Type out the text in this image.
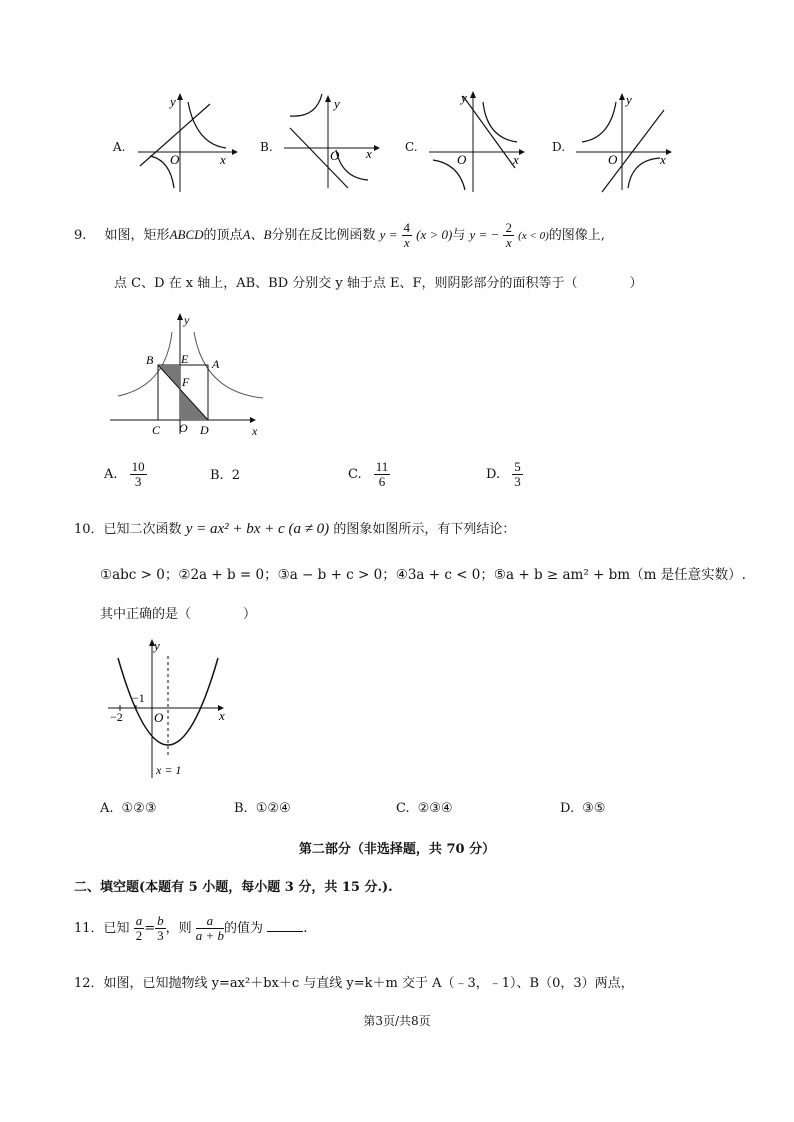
A.
y
O	x
B.
y
O x	C.
y
O	x
D.
y
O	x
9. 如图，矩形ABCD的顶点A、B分别在反比例函数 $y = \frac{4}{x} (x > 0)$与 y = − $\frac{2}{x} (x < 0)$的图像上,
点 C、D 在 x 轴上，AB、BD 分别交 y 轴于点 E、F，则阴影部分的面积等于（　　　　）
B E A
F
C O D	x
y
A. $\frac{10}{3}$	B. 2	C. $\frac{11}{6}$	D. $\frac{5}{3}$
10．已知二次函数 y = ax² + bx + c (a ≠ 0) 的图象如图所示，有下列结论：
①abc > 0；②2a + b = 0；③a − b + c > 0；④3a + c < 0；⑤a + b ≥ am² + bm（m 是任意实数）.
其中正确的是（　　　　）
y
x
O
−1
−2
x = 1
A. ①②③	B. ①②④	C. ②③④	D. ③⑤
第二部分（非选择题，共 70 分）
二、填空题(本题有 5 小题，每小题 3 分，共 15 分.).
11．已知 $\frac{a}{2} = \frac{b}{3}$ ，则 $\frac{a}{a + b}$ 的值为	.
12．如图，已知抛物线 y=ax²＋bx＋c 与直线 y=k＋m 交于 A（﹣3，﹣1）、B（0，3）两点，
第3页/共8页
